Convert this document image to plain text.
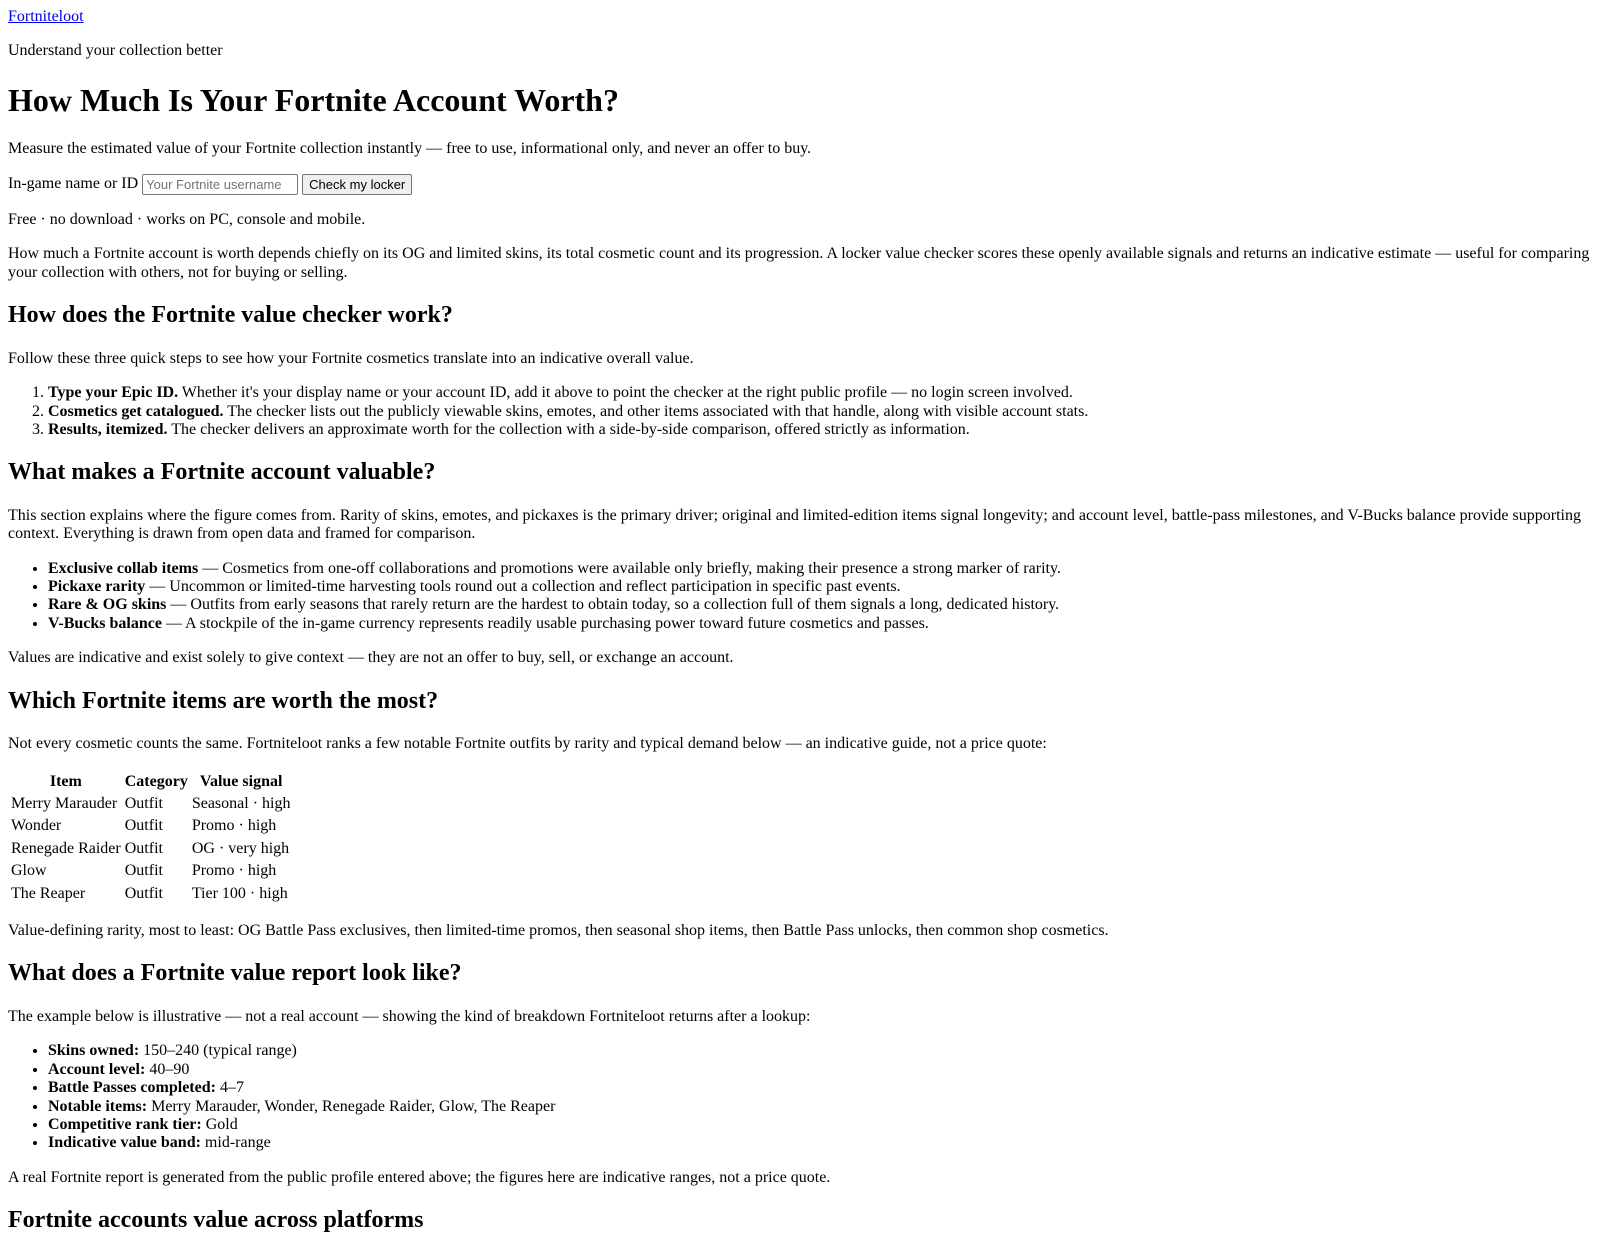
Fortniteloot

Understand your collection better

How Much Is Your Fortnite Account Worth?

Measure the estimated value of your Fortnite collection instantly — free to use, informational only, and never an offer to buy.

In-game name or ID
Your Fortnite username	Check my locker

Free · no download · works on PC, console and mobile.

How much a Fortnite account is worth depends chiefly on its OG and limited skins, its total cosmetic count and its progression. A locker value checker scores these openly available signals and returns an indicative estimate — useful for comparing your collection with others, not for buying or selling.

How does the Fortnite value checker work?

Follow these three quick steps to see how your Fortnite cosmetics translate into an indicative overall value.

1. Type your Epic ID. Whether it's your display name or your account ID, add it above to point the checker at the right public profile — no login screen involved.
2. Cosmetics get catalogued. The checker lists out the publicly viewable skins, emotes, and other items associated with that handle, along with visible account stats.
3. Results, itemized. The checker delivers an approximate worth for the collection with a side-by-side comparison, offered strictly as information.
What makes a Fortnite account valuable?

This section explains where the figure comes from. Rarity of skins, emotes, and pickaxes is the primary driver; original and limited-edition items signal longevity; and account level, battle-pass milestones, and V-Bucks balance provide supporting context. Everything is drawn from open data and framed for comparison.

• Exclusive collab items — Cosmetics from one-off collaborations and promotions were available only briefly, making their presence a strong marker of rarity.
• Pickaxe rarity — Uncommon or limited-time harvesting tools round out a collection and reflect participation in specific past events.
• Rare & OG skins — Outfits from early seasons that rarely return are the hardest to obtain today, so a collection full of them signals a long, dedicated history.
• V-Bucks balance — A stockpile of the in-game currency represents readily usable purchasing power toward future cosmetics and passes.

Values are indicative and exist solely to give context — they are not an offer to buy, sell, or exchange an account.

Which Fortnite items are worth the most?

Not every cosmetic counts the same. Fortniteloot ranks a few notable Fortnite outfits by rarity and typical demand below — an indicative guide, not a price quote:

Item	Category	Value signal
Merry Marauder	Outfit	Seasonal · high
Wonder	Outfit	Promo · high
Renegade Raider	Outfit	OG · very high
Glow	Outfit	Promo · high
The Reaper	Outfit	Tier 100 · high

Value-defining rarity, most to least: OG Battle Pass exclusives, then limited-time promos, then seasonal shop items, then Battle Pass unlocks, then common shop cosmetics.

What does a Fortnite value report look like?

The example below is illustrative — not a real account — showing the kind of breakdown Fortniteloot returns after a lookup:

• Skins owned: 150–240 (typical range)
• Account level: 40–90
• Battle Passes completed: 4–7
• Notable items: Merry Marauder, Wonder, Renegade Raider, Glow, The Reaper
• Competitive rank tier: Gold
• Indicative value band: mid-range

A real Fortnite report is generated from the public profile entered above; the figures here are indicative ranges, not a price quote.

Fortnite accounts value across platforms
